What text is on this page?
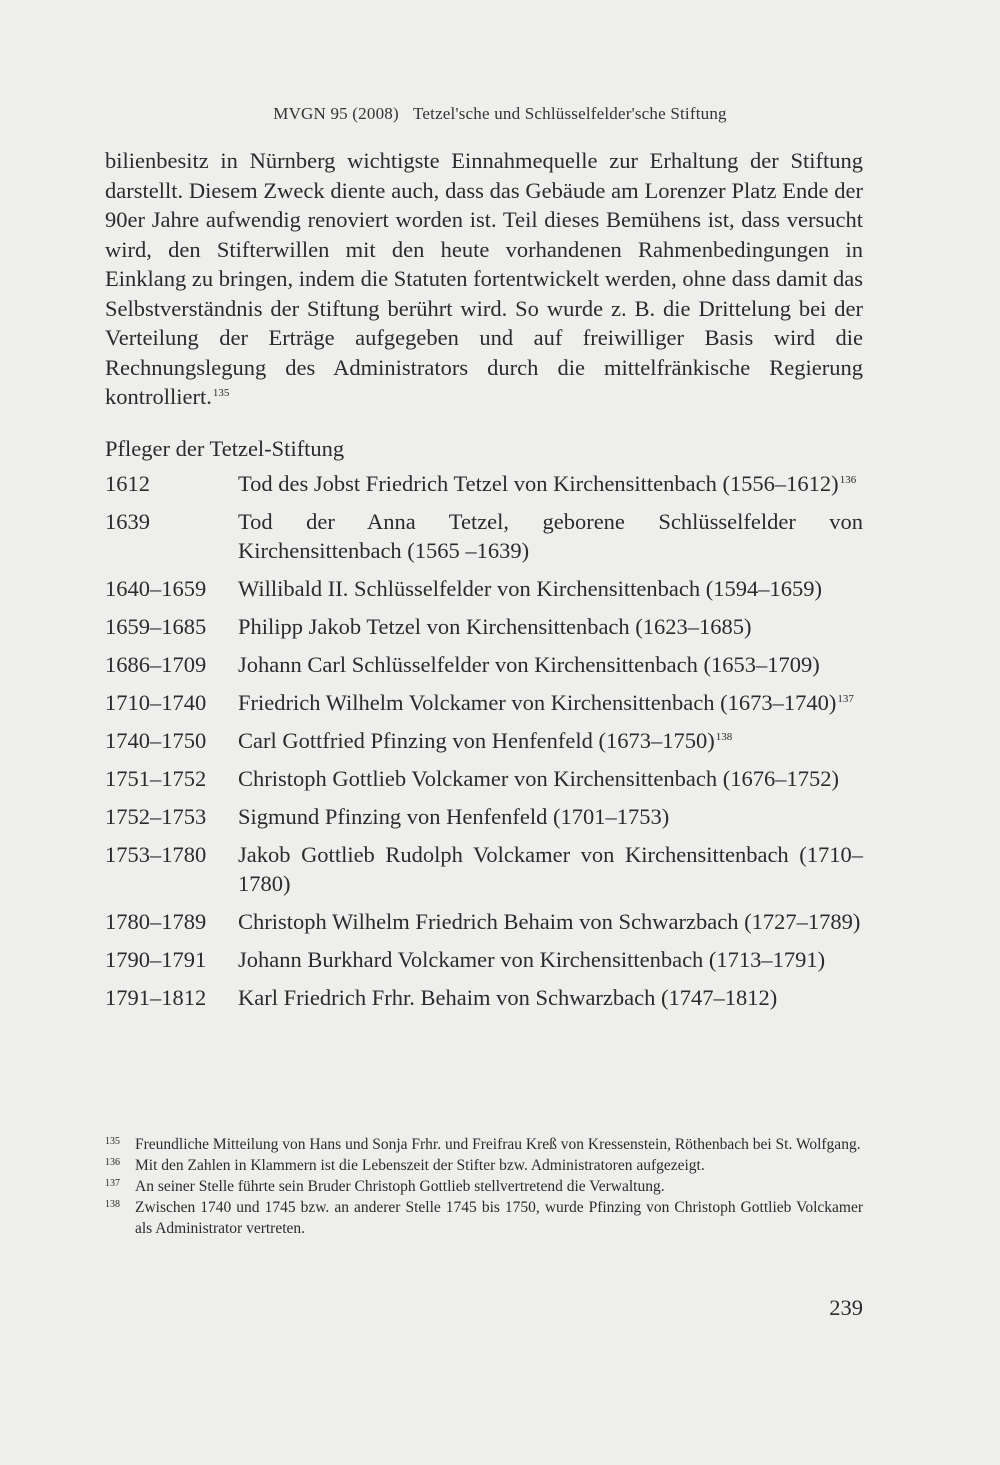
MVGN 95 (2008) Tetzel'sche und Schlüsselfelder'sche Stiftung

bilienbesitz in Nürnberg wichtigste Einnahmequelle zur Erhaltung der Stiftung darstellt. Diesem Zweck diente auch, dass das Gebäude am Lorenzer Platz Ende der 90er Jahre aufwendig renoviert worden ist. Teil dieses Bemühens ist, dass versucht wird, den Stifterwillen mit den heute vorhandenen Rahmenbedingungen in Einklang zu bringen, indem die Statuten fortentwickelt werden, ohne dass damit das Selbstverständnis der Stiftung berührt wird. So wurde z. B. die Drittelung bei der Verteilung der Erträge aufgegeben und auf freiwilliger Basis wird die Rechnungslegung des Administrators durch die mittelfränkische Regierung kontrolliert.$^{135}$

Pfleger der Tetzel-Stiftung
1612	Tod des Jobst Friedrich Tetzel von Kirchensittenbach (1556–1612)$^{136}$
1639	Tod der Anna Tetzel, geborene Schlüsselfelder von Kirchensittenbach (1565 –1639)
1640–1659	Willibald II. Schlüsselfelder von Kirchensittenbach (1594–1659)
1659–1685	Philipp Jakob Tetzel von Kirchensittenbach (1623–1685)
1686–1709	Johann Carl Schlüsselfelder von Kirchensittenbach (1653–1709)
1710–1740	Friedrich Wilhelm Volckamer von Kirchensittenbach (1673–1740)$^{137}$
1740–1750	Carl Gottfried Pfinzing von Henfenfeld (1673–1750)$^{138}$
1751–1752	Christoph Gottlieb Volckamer von Kirchensittenbach (1676–1752)
1752–1753	Sigmund Pfinzing von Henfenfeld (1701–1753)
1753–1780	Jakob Gottlieb Rudolph Volckamer von Kirchensittenbach (1710–1780)
1780–1789	Christoph Wilhelm Friedrich Behaim von Schwarzbach (1727–1789)
1790–1791	Johann Burkhard Volckamer von Kirchensittenbach (1713–1791)
1791–1812	Karl Friedrich Frhr. Behaim von Schwarzbach (1747–1812)
135 Freundliche Mitteilung von Hans und Sonja Frhr. und Freifrau Kreß von Kressenstein, Röthenbach bei St. Wolfgang.
136 Mit den Zahlen in Klammern ist die Lebenszeit der Stifter bzw. Administratoren aufgezeigt.
137 An seiner Stelle führte sein Bruder Christoph Gottlieb stellvertretend die Verwaltung.
138 Zwischen 1740 und 1745 bzw. an anderer Stelle 1745 bis 1750, wurde Pfinzing von Christoph Gottlieb Volckamer als Administrator vertreten.
239
